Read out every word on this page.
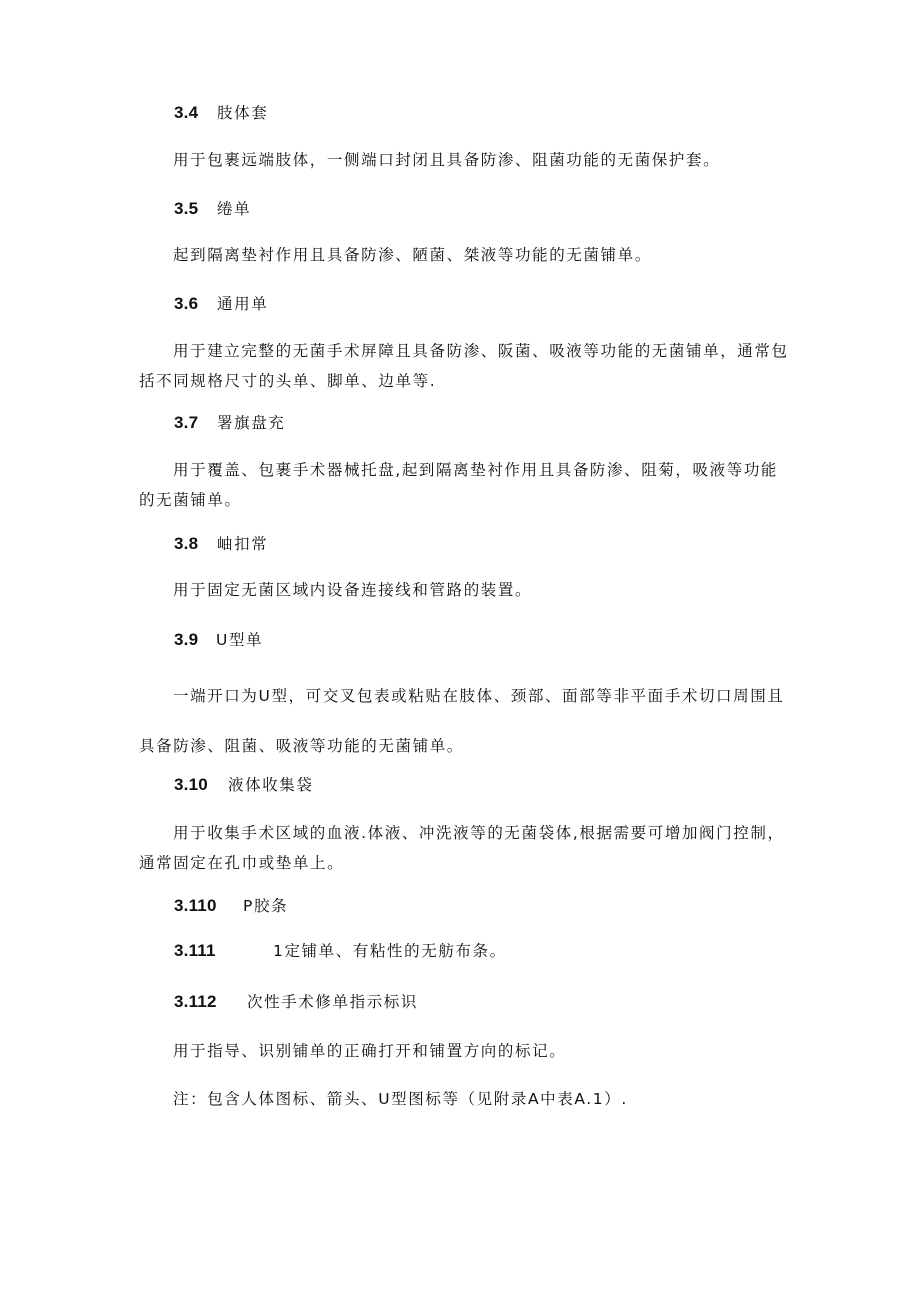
3.4 肢体套

用于包裹远端肢体，一侧端口封闭且具备防渗、阻菌功能的无菌保护套。

3.5 绻单

起到隔离垫衬作用且具备防渗、陋菌、桀液等功能的无菌铺单。

3.6 通用单

用于建立完整的无菌手术屏障且具备防渗、阪菌、吸液等功能的无菌铺单，通常包括不同规格尺寸的头单、脚单、边单等.

3.7 署旗盘充

用于覆盖、包裹手术器械托盘,起到隔离垫衬作用且具备防渗、阻菊，吸液等功能的无菌铺单。

3.8 岫扣常

用于固定无菌区域内设备连接线和管路的装置。

3.9 U型单

一端开口为U型，可交叉包表或粘贴在肢体、颈部、面部等非平面手术切口周围且具备防渗、阻菌、吸液等功能的无菌铺单。

3.10 液体收集袋

用于收集手术区域的血液.体液、冲洗液等的无菌袋体,根据需要可增加阀门控制，通常固定在孔巾或垫单上。

3.110 P胶条
3.111	1定铺单、有粘性的无舫布条。
3.112 次性手术修单指示标识

用于指导、识别铺单的正确打开和铺置方向的标记。

注：包含人体图标、箭头、U型图标等（见附录A中表A.1）.
